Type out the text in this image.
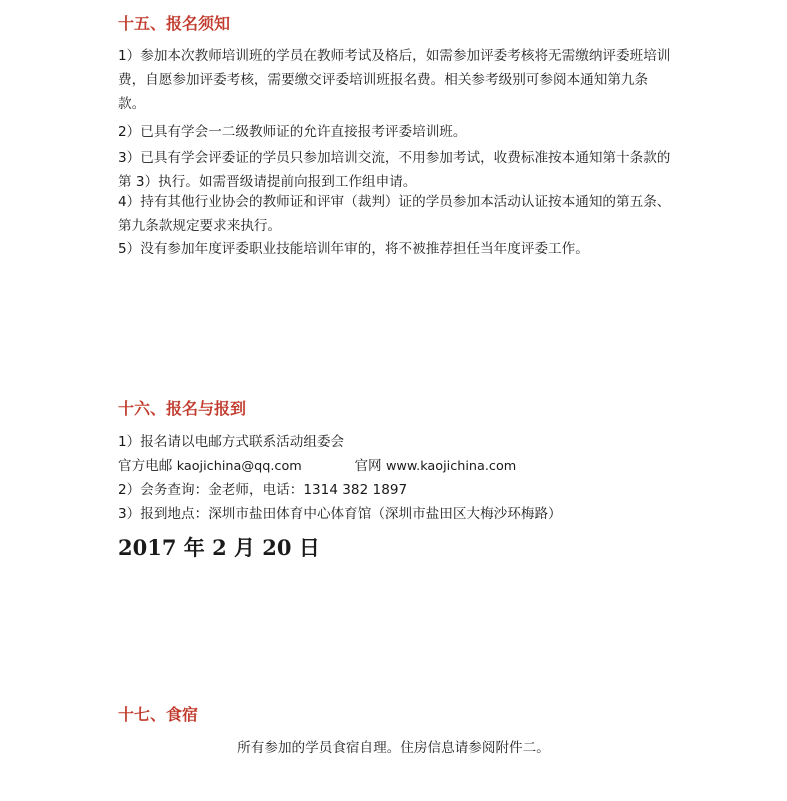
十五、报名须知

1）参加本次教师培训班的学员在教师考试及格后，如需参加评委考核将无需缴纳评委班培训费，自愿参加评委考核，需要缴交评委培训班报名费。相关参考级别可参阅本通知第九条款。

2）已具有学会一二级教师证的允许直接报考评委培训班。

3）已具有学会评委证的学员只参加培训交流，不用参加考试，收费标准按本通知第十条款的第 3）执行。如需晋级请提前向报到工作组申请。

4）持有其他行业协会的教师证和评审（裁判）证的学员参加本活动认证按本通知的第五条、第九条款规定要求来执行。

5）没有参加年度评委职业技能培训年审的，将不被推荐担任当年度评委工作。

十六、报名与报到

1）报名请以电邮方式联系活动组委会

官方电邮 kaojichina@qq.com	官网 www.kaojichina.com

2）会务查询：金老师，电话：1314 382 1897

3）报到地点：深圳市盐田体育中心体育馆（深圳市盐田区大梅沙环梅路）

2017 年 2 月 20 日

十七、食宿

所有参加的学员食宿自理。住房信息请参阅附件二。
